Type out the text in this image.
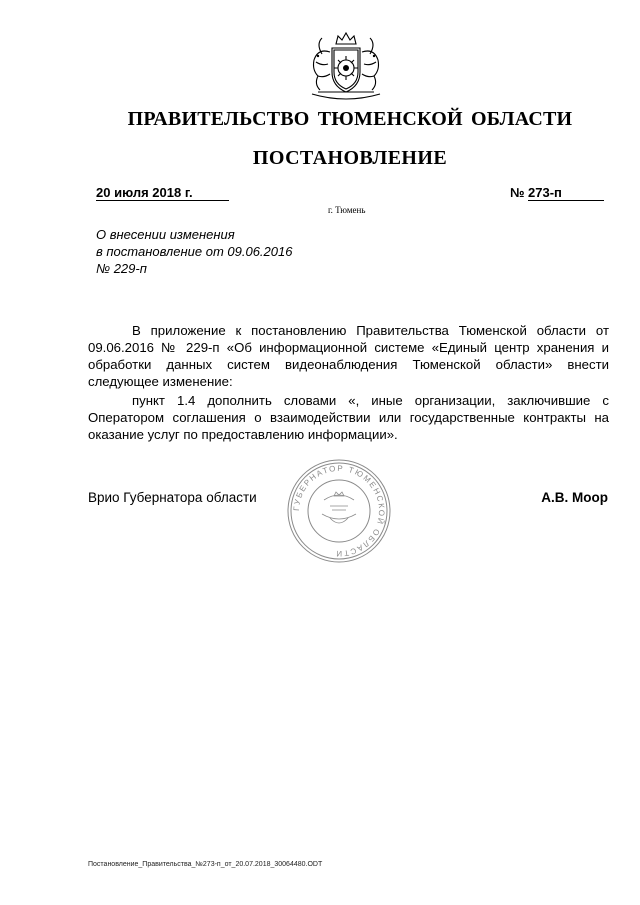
ПРАВИТЕЛЬСТВО ТЮМЕНСКОЙ ОБЛАСТИ
ПОСТАНОВЛЕНИЕ
20 июля 2018 г.	№ 273-п
г. Тюмень
О внесении изменения
в постановление от 09.06.2016
№ 229-п

В приложение к постановлению Правительства Тюменской области от 09.06.2016 № 229-п «Об информационной системе «Единый центр хранения и обработки данных систем видеонаблюдения Тюменской области» внести следующее изменение:

пункт 1.4 дополнить словами «, иные организации, заключившие с Оператором соглашения о взаимодействии или государственные контракты на оказание услуг по предоставлению информации».

ГУБЕРНАТОР ТЮМЕНСКОЙ ОБЛАСТИ
Врио Губернатора области	А.В. Моор
Постановление_Правительства_№273-п_от_20.07.2018_30064480.ODT
